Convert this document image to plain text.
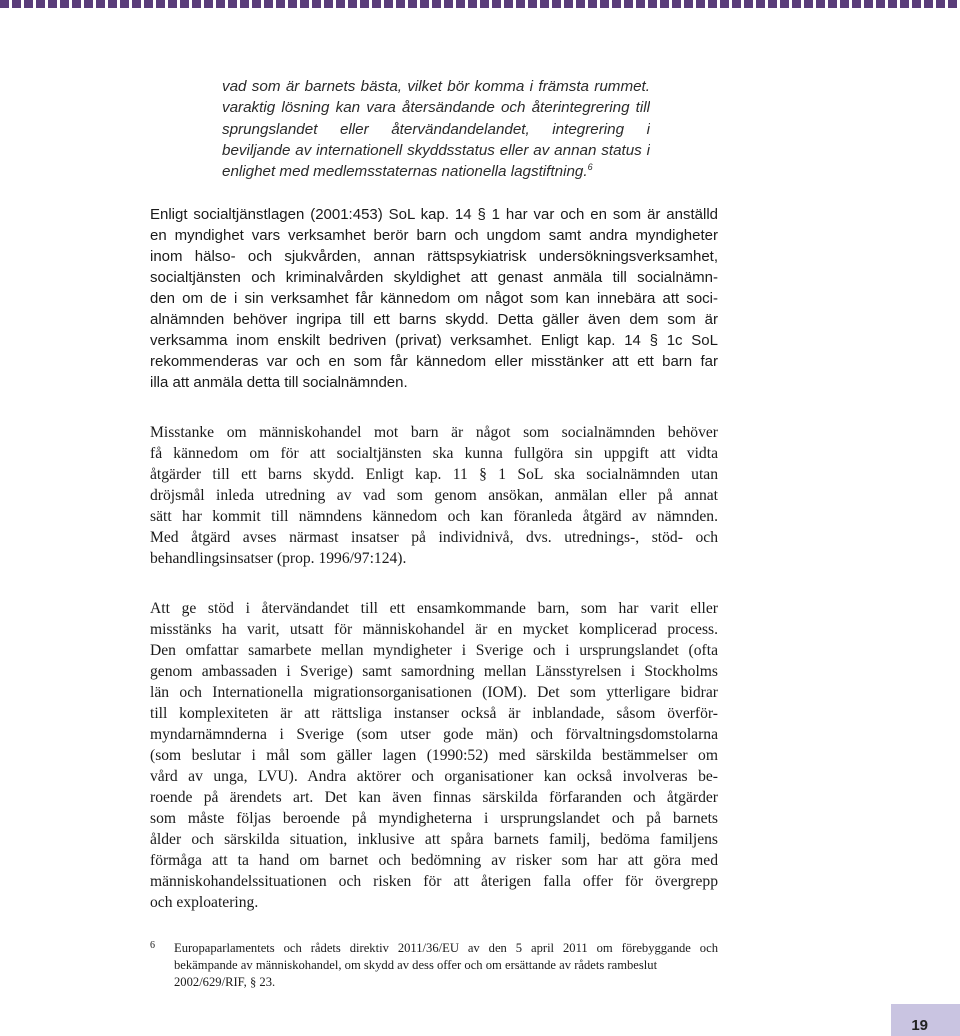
vad som är barnets bästa, vilket bör komma i främsta rummet.
varaktig lösning kan vara återsändande och återintegrering till
sprungslandet eller återvändandelandet, integrering i
beviljande av internationell skyddsstatus eller av annan status i
enlighet med medlemsstaternas nationella lagstiftning.$^6$
Enligt socialtjänstlagen (2001:453) SoL kap. 14 § 1 har var och en som är anställd
en myndighet vars verksamhet berör barn och ungdom samt andra myndigheter
inom hälso- och sjukvården, annan rättspsykiatrisk undersökningsverksamhet,
socialtjänsten och kriminalvården skyldighet att genast anmäla till socialnämn-
den om de i sin verksamhet får kännedom om något som kan innebära att soci-
alnämnden behöver ingripa till ett barns skydd. Detta gäller även dem som är
verksamma inom enskilt bedriven (privat) verksamhet. Enligt kap. 14 § 1c SoL
rekommenderas var och en som får kännedom eller misstänker att ett barn far
illa att anmäla detta till socialnämnden.
Misstanke om människohandel mot barn är något som socialnämnden behöver
få kännedom om för att socialtjänsten ska kunna fullgöra sin uppgift att vidta
åtgärder till ett barns skydd. Enligt kap. 11 § 1 SoL ska socialnämnden utan
dröjsmål inleda utredning av vad som genom ansökan, anmälan eller på annat
sätt har kommit till nämndens kännedom och kan föranleda åtgärd av nämnden.
Med åtgärd avses närmast insatser på individnivå, dvs. utrednings-, stöd- och
behandlingsinsatser (prop. 1996/97:124).
Att ge stöd i återvändandet till ett ensamkommande barn, som har varit eller
misstänks ha varit, utsatt för människohandel är en mycket komplicerad process.
Den omfattar samarbete mellan myndigheter i Sverige och i ursprungslandet (ofta
genom ambassaden i Sverige) samt samordning mellan Länsstyrelsen i Stockholms
län och Internationella migrationsorganisationen (IOM). Det som ytterligare bidrar
till komplexiteten är att rättsliga instanser också är inblandade, såsom överför-
myndarnämnderna i Sverige (som utser gode män) och förvaltningsdomstolarna
(som beslutar i mål som gäller lagen (1990:52) med särskilda bestämmelser om
vård av unga, LVU). Andra aktörer och organisationer kan också involveras be-
roende på ärendets art. Det kan även finnas särskilda förfaranden och åtgärder
som måste följas beroende på myndigheterna i ursprungslandet och på barnets
ålder och särskilda situation, inklusive att spåra barnets familj, bedöma familjens
förmåga att ta hand om barnet och bedömning av risker som har att göra med
människohandelssituationen och risken för att återigen falla offer för övergrepp
och exploatering.
6 Europaparlamentets och rådets direktiv 2011/36/EU av den 5 april 2011 om förebyggande och
bekämpande av människohandel, om skydd av dess offer och om ersättande av rådets rambeslut
2002/629/RIF, § 23.
19
